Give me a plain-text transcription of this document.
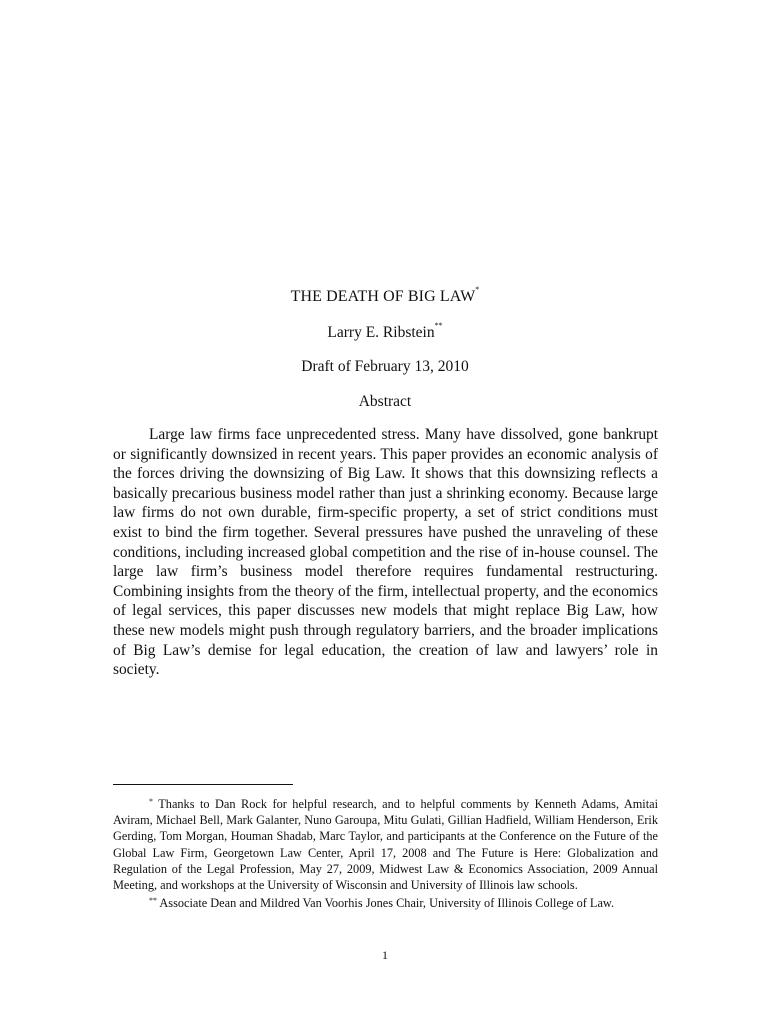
THE DEATH OF BIG LAW*
Larry E. Ribstein**
Draft of February 13, 2010
Abstract

Large law firms face unprecedented stress. Many have dissolved, gone bankrupt or significantly downsized in recent years. This paper provides an economic analysis of the forces driving the downsizing of Big Law. It shows that this downsizing reflects a basically precarious business model rather than just a shrinking economy. Because large law firms do not own durable, firm-specific property, a set of strict conditions must exist to bind the firm together. Several pressures have pushed the unraveling of these conditions, including increased global competition and the rise of in-house counsel. The large law firm’s business model therefore requires fundamental restructuring. Combining insights from the theory of the firm, intellectual property, and the economics of legal services, this paper discusses new models that might replace Big Law, how these new models might push through regulatory barriers, and the broader implications of Big Law’s demise for legal education, the creation of law and lawyers’ role in society.

* Thanks to Dan Rock for helpful research, and to helpful comments by Kenneth Adams, Amitai Aviram, Michael Bell, Mark Galanter, Nuno Garoupa, Mitu Gulati, Gillian Hadfield, William Henderson, Erik Gerding, Tom Morgan, Houman Shadab, Marc Taylor, and participants at the Conference on the Future of the Global Law Firm, Georgetown Law Center, April 17, 2008 and The Future is Here: Globalization and Regulation of the Legal Profession, May 27, 2009, Midwest Law & Economics Association, 2009 Annual Meeting, and workshops at the University of Wisconsin and University of Illinois law schools.

** Associate Dean and Mildred Van Voorhis Jones Chair, University of Illinois College of Law.

1
